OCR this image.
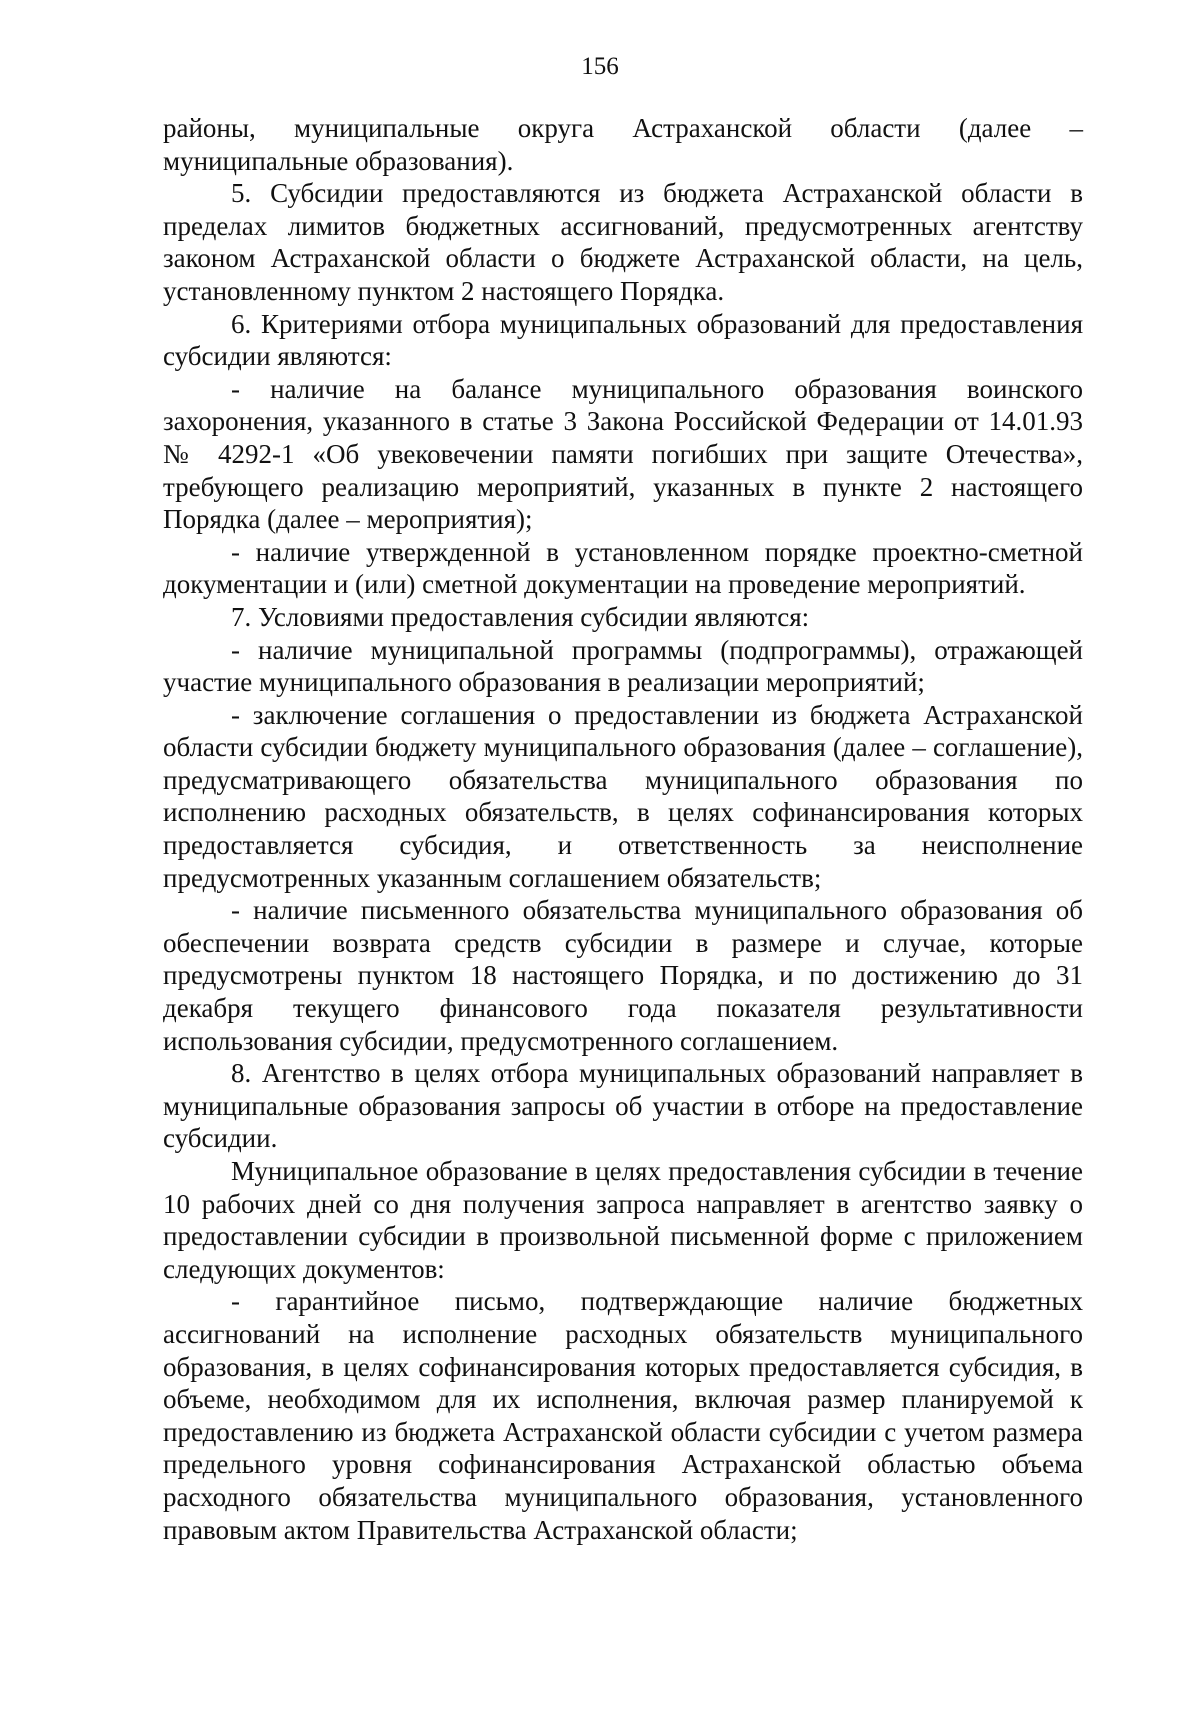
156

районы, муниципальные округа Астраханской области (далее – муниципальные образования).

5. Субсидии предоставляются из бюджета Астраханской области в пределах лимитов бюджетных ассигнований, предусмотренных агентству законом Астраханской области о бюджете Астраханской области, на цель, установленному пунктом 2 настоящего Порядка.

6. Критериями отбора муниципальных образований для предоставления субсидии являются:

- наличие на балансе муниципального образования воинского захоронения, указанного в статье 3 Закона Российской Федерации от 14.01.93 № 4292-1 «Об увековечении памяти погибших при защите Отечества», требующего реализацию мероприятий, указанных в пункте 2 настоящего Порядка (далее – мероприятия);

- наличие утвержденной в установленном порядке проектно-сметной документации и (или) сметной документации на проведение мероприятий.

7. Условиями предоставления субсидии являются:

- наличие муниципальной программы (подпрограммы), отражающей участие муниципального образования в реализации мероприятий;

- заключение соглашения о предоставлении из бюджета Астраханской области субсидии бюджету муниципального образования (далее – соглашение), предусматривающего обязательства муниципального образования по исполнению расходных обязательств, в целях софинансирования которых предоставляется субсидия, и ответственность за неисполнение предусмотренных указанным соглашением обязательств;

- наличие письменного обязательства муниципального образования об обеспечении возврата средств субсидии в размере и случае, которые предусмотрены пунктом 18 настоящего Порядка, и по достижению до 31 декабря текущего финансового года показателя результативности использования субсидии, предусмотренного соглашением.

8. Агентство в целях отбора муниципальных образований направляет в муниципальные образования запросы об участии в отборе на предоставление субсидии.

Муниципальное образование в целях предоставления субсидии в течение 10 рабочих дней со дня получения запроса направляет в агентство заявку о предоставлении субсидии в произвольной письменной форме с приложением следующих документов:

- гарантийное письмо, подтверждающие наличие бюджетных ассигнований на исполнение расходных обязательств муниципального образования, в целях софинансирования которых предоставляется субсидия, в объеме, необходимом для их исполнения, включая размер планируемой к предоставлению из бюджета Астраханской области субсидии с учетом размера предельного уровня софинансирования Астраханской областью объема расходного обязательства муниципального образования, установленного правовым актом Правительства Астраханской области;
